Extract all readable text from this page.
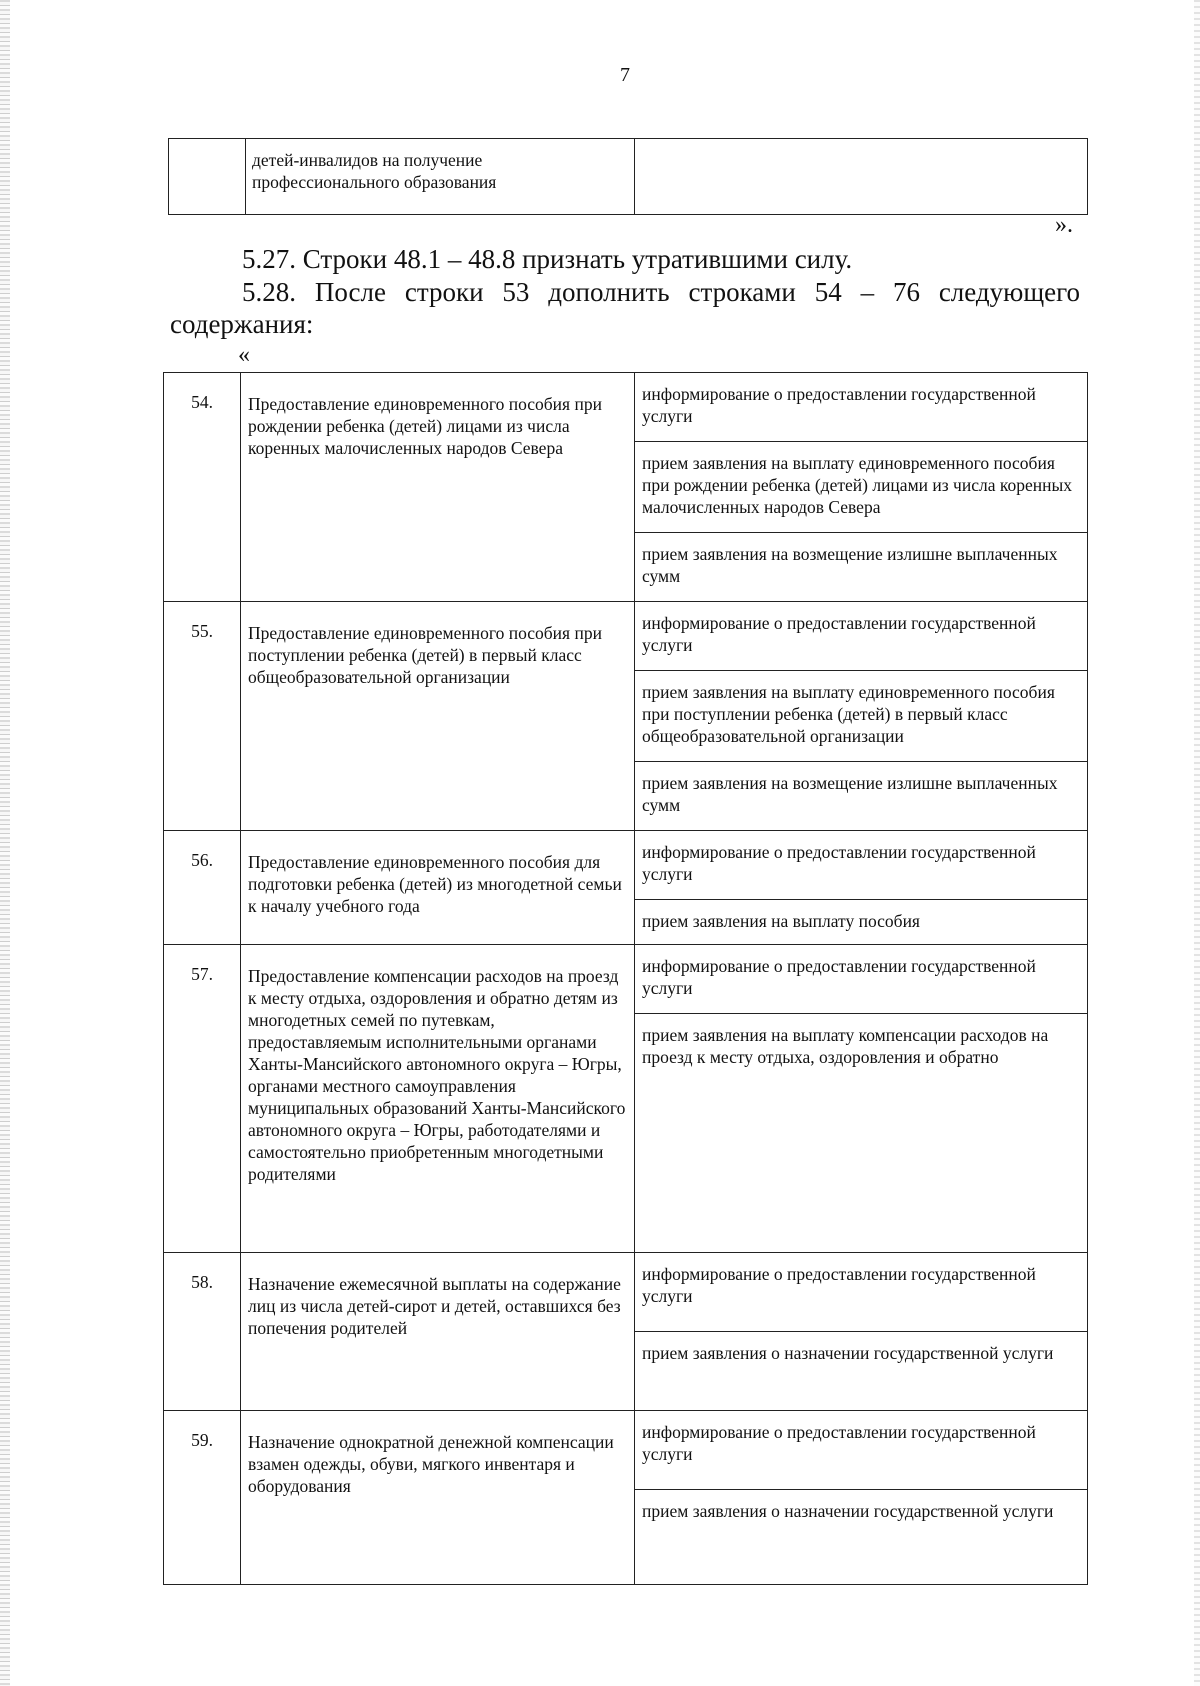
7
	детей-инвалидов на получение профессионального образования	
».
5.27. Строки 48.1 – 48.8 признать утратившими силу.
5.28. После строки 53 дополнить строками 54 – 76 следующего содержания:
«
54.	Предоставление единовременного пособия при рождении ребенка (детей) лицами из числа коренных малочисленных народов Севера	информирование о предоставлении государственной услуги
		прием заявления на выплату единовременного пособия при рождении ребенка (детей) лицами из числа коренных малочисленных народов Севера
		прием заявления на возмещение излишне выплаченных сумм
55.	Предоставление единовременного пособия при поступлении ребенка (детей) в первый класс общеобразовательной организации	информирование о предоставлении государственной услуги
		прием заявления на выплату единовременного пособия при поступлении ребенка (детей) в первый класс общеобразовательной организации
		прием заявления на возмещение излишне выплаченных сумм
56.	Предоставление единовременного пособия для подготовки ребенка (детей) из многодетной семьи к началу учебного года	информирование о предоставлении государственной услуги
		прием заявления на выплату пособия
57.	Предоставление компенсации расходов на проезд к месту отдыха, оздоровления и обратно детям из многодетных семей по путевкам, предоставляемым исполнительными органами Ханты-Мансийского автономного округа – Югры, органами местного самоуправления муниципальных образований Ханты-Мансийского автономного округа – Югры, работодателями и самостоятельно приобретенным многодетными родителями	информирование о предоставлении государственной услуги
		прием заявления на выплату компенсации расходов на проезд к месту отдыха, оздоровления и обратно
58.	Назначение ежемесячной выплаты на содержание лиц из числа детей-сирот и детей, оставшихся без попечения родителей	информирование о предоставлении государственной услуги
		прием заявления о назначении государственной услуги
59.	Назначение однократной денежной компенсации взамен одежды, обуви, мягкого инвентаря и оборудования	информирование о предоставлении государственной услуги
		прием заявления о назначении государственной услуги
